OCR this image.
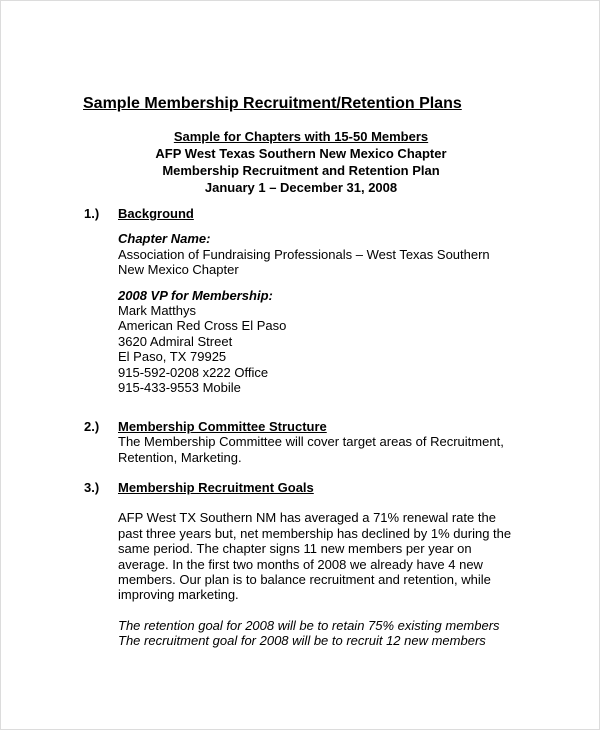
Sample Membership Recruitment/Retention Plans
Sample for Chapters with 15-50 Members
AFP West Texas Southern New Mexico Chapter
Membership Recruitment and Retention Plan
January 1 – December 31, 2008
1.) Background
Chapter Name:
Association of Fundraising Professionals – West Texas Southern
New Mexico Chapter
2008 VP for Membership:
Mark Matthys
American Red Cross El Paso
3620 Admiral Street
El Paso, TX 79925
915-592-0208 x222 Office
915-433-9553 Mobile
2.) Membership Committee Structure
The Membership Committee will cover target areas of Recruitment,
Retention, Marketing.
3.) Membership Recruitment Goals
AFP West TX Southern NM has averaged a 71% renewal rate the
past three years but, net membership has declined by 1% during the
same period. The chapter signs 11 new members per year on
average. In the first two months of 2008 we already have 4 new
members. Our plan is to balance recruitment and retention, while
improving marketing.
The retention goal for 2008 will be to retain 75% existing members
The recruitment goal for 2008 will be to recruit 12 new members
